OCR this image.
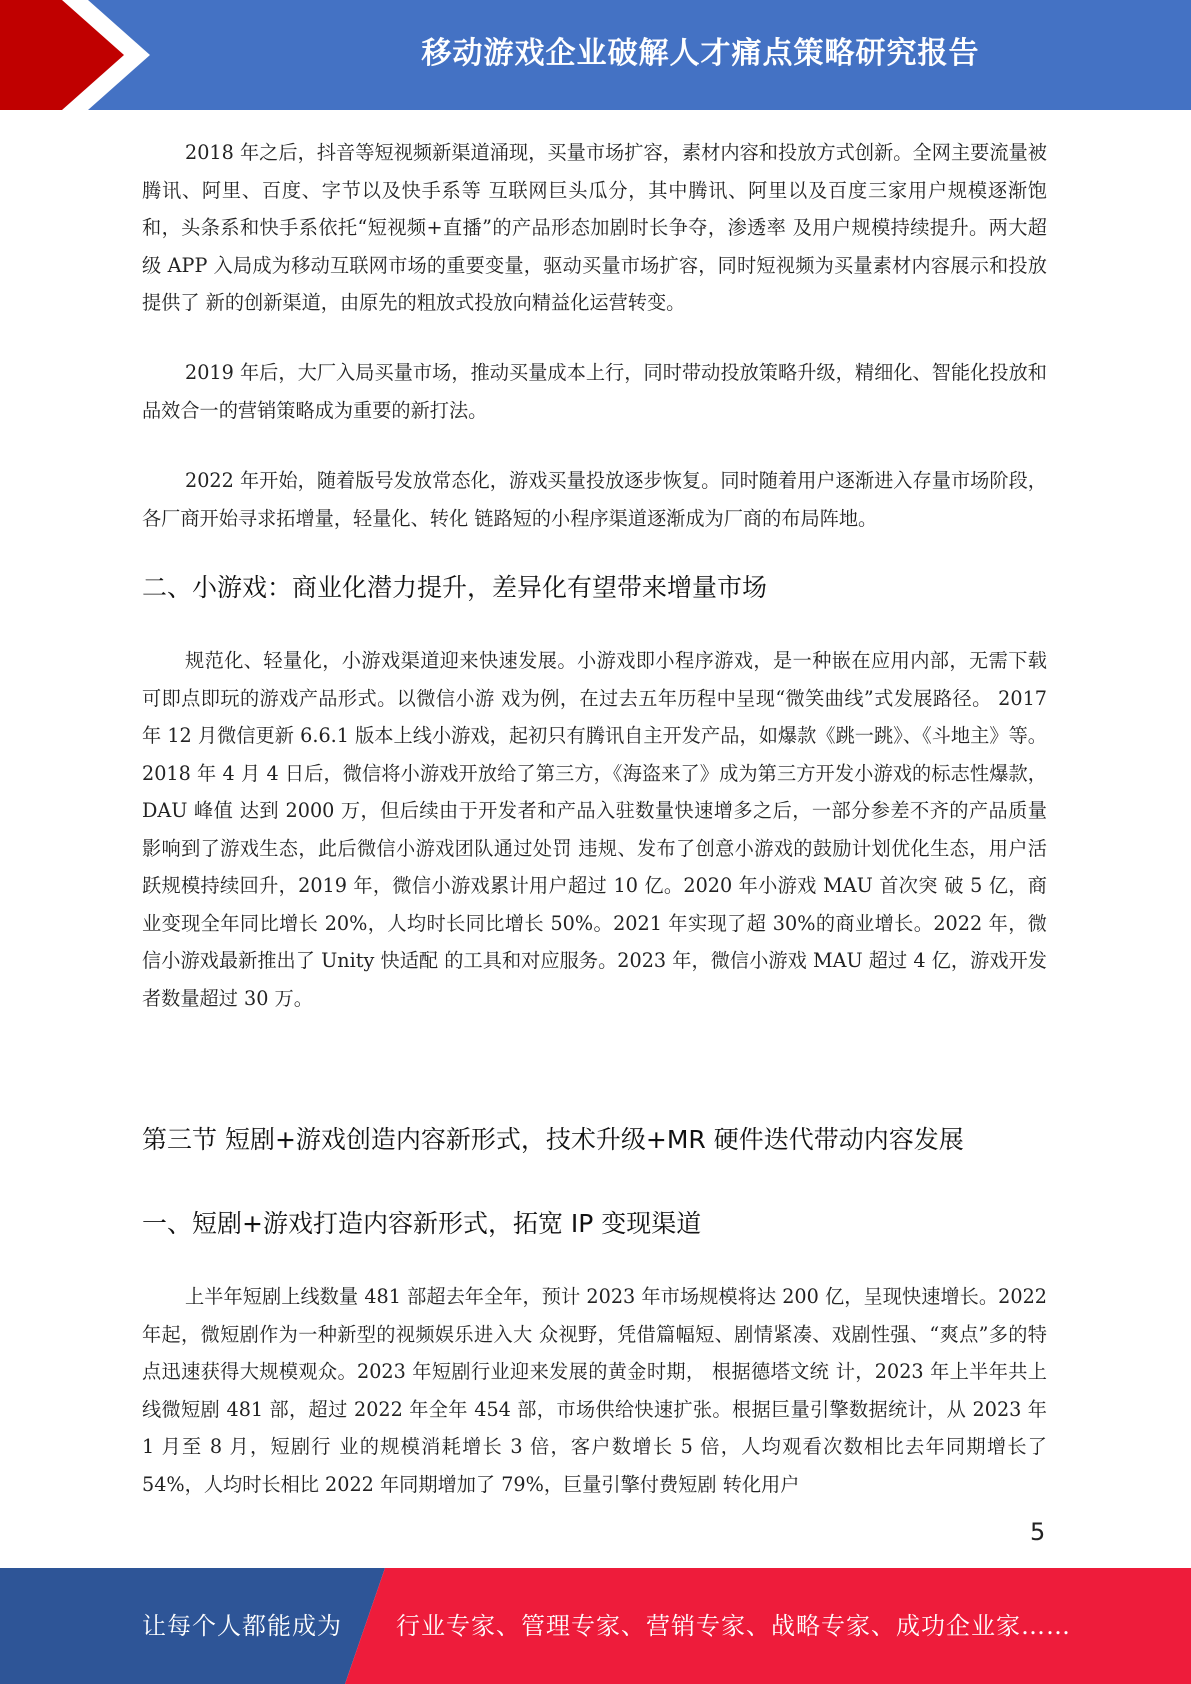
移动游戏企业破解人才痛点策略研究报告

2018 年之后，抖音等短视频新渠道涌现，买量市场扩容，素材内容和投放方式创新。全网主要流量被腾讯、阿里、百度、字节以及快手系等 互联网巨头瓜分，其中腾讯、阿里以及百度三家用户规模逐渐饱和，头条系和快手系依托“短视频+直播”的产品形态加剧时长争夺，渗透率 及用户规模持续提升。两大超级 APP 入局成为移动互联网市场的重要变量，驱动买量市场扩容，同时短视频为买量素材内容展示和投放提供了 新的创新渠道，由原先的粗放式投放向精益化运营转变。

2019 年后，大厂入局买量市场，推动买量成本上行，同时带动投放策略升级，精细化、智能化投放和品效合一的营销策略成为重要的新打法。

2022 年开始，随着版号发放常态化，游戏买量投放逐步恢复。同时随着用户逐渐进入存量市场阶段，各厂商开始寻求拓增量，轻量化、转化 链路短的小程序渠道逐渐成为厂商的布局阵地。

二、小游戏：商业化潜力提升，差异化有望带来增量市场

规范化、轻量化，小游戏渠道迎来快速发展。小游戏即小程序游戏，是一种嵌在应用内部，无需下载可即点即玩的游戏产品形式。以微信小游 戏为例，在过去五年历程中呈现“微笑曲线”式发展路径。 2017 年 12 月微信更新 6.6.1 版本上线小游戏，起初只有腾讯自主开发产品，如爆款《跳一跳》、《斗地主》等。2018 年 4 月 4 日后，微信将小游戏开放给了第三方，《海盗来了》成为第三方开发小游戏的标志性爆款，DAU 峰值 达到 2000 万，但后续由于开发者和产品入驻数量快速增多之后，一部分参差不齐的产品质量影响到了游戏生态，此后微信小游戏团队通过处罚 违规、发布了创意小游戏的鼓励计划优化生态，用户活跃规模持续回升，2019 年，微信小游戏累计用户超过 10 亿。2020 年小游戏 MAU 首次突 破 5 亿，商业变现全年同比增长 20%，人均时长同比增长 50%。2021 年实现了超 30%的商业增长。2022 年，微信小游戏最新推出了 Unity 快适配 的工具和对应服务。2023 年，微信小游戏 MAU 超过 4 亿，游戏开发者数量超过 30 万。

第三节 短剧+游戏创造内容新形式，技术升级+MR 硬件迭代带动内容发展
一、短剧+游戏打造内容新形式，拓宽 IP 变现渠道

上半年短剧上线数量 481 部超去年全年，预计 2023 年市场规模将达 200 亿，呈现快速增长。2022 年起，微短剧作为一种新型的视频娱乐进入大 众视野，凭借篇幅短、剧情紧凑、戏剧性强、“爽点”多的特点迅速获得大规模观众。2023 年短剧行业迎来发展的黄金时期， 根据德塔文统 计，2023 年上半年共上线微短剧 481 部，超过 2022 年全年 454 部，市场供给快速扩张。根据巨量引擎数据统计，从 2023 年 1 月至 8 月，短剧行 业的规模消耗增长 3 倍，客户数增长 5 倍，人均观看次数相比去年同期增长了 54%，人均时长相比 2022 年同期增加了 79%，巨量引擎付费短剧 转化用户

5
让每个人都能成为 行业专家、管理专家、营销专家、战略专家、成功企业家……
